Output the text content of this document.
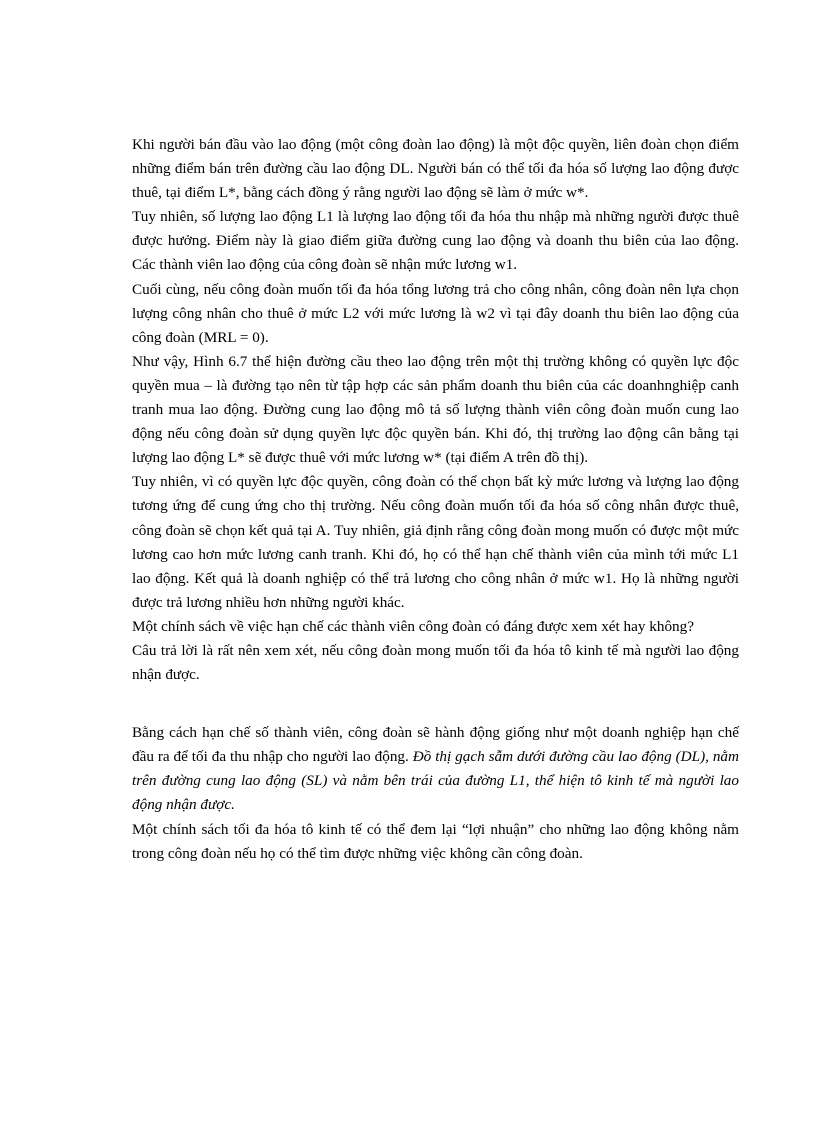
Khi người bán đầu vào lao động (một công đoàn lao động) là một độc quyền, liên đoàn chọn điểm những điểm bán trên đường cầu lao động DL. Người bán có thể tối đa hóa số lượng lao động được thuê, tại điểm L*, bằng cách đồng ý rằng người lao động sẽ làm ở mức w*.

Tuy nhiên, số lượng lao động L1 là lượng lao động tối đa hóa thu nhập mà những người được thuê được hưởng. Điểm này là giao điểm giữa đường cung lao động và doanh thu biên của lao động. Các thành viên lao động của công đoàn sẽ nhận mức lương w1.

Cuối cùng, nếu công đoàn muốn tối đa hóa tổng lương trả cho công nhân, công đoàn nên lựa chọn lượng công nhân cho thuê ở mức L2 với mức lương là w2 vì tại đây doanh thu biên lao động của công đoàn (MRL = 0).

Như vậy, Hình 6.7 thể hiện đường cầu theo lao động trên một thị trường không có quyền lực độc quyền mua – là đường tạo nên từ tập hợp các sản phẩm doanh thu biên của các doanhnghiệp canh tranh mua lao động. Đường cung lao động mô tả số lượng thành viên công đoàn muốn cung lao động nếu công đoàn sử dụng quyền lực độc quyền bán. Khi đó, thị trường lao động cân bằng tại lượng lao động L* sẽ được thuê với mức lương w* (tại điểm A trên đồ thị).

Tuy nhiên, vì có quyền lực độc quyền, công đoàn có thể chọn bất kỳ mức lương và lượng lao động tương ứng để cung ứng cho thị trường. Nếu công đoàn muốn tối đa hóa số công nhân được thuê, công đoàn sẽ chọn kết quả tại A. Tuy nhiên, giả định rằng công đoàn mong muốn có được một mức lương cao hơn mức lương canh tranh. Khi đó, họ có thể hạn chế thành viên của mình tới mức L1 lao động. Kết quả là doanh nghiệp có thể trả lương cho công nhân ở mức w1. Họ là những người được trả lương nhiều hơn những người khác.

Một chính sách về việc hạn chế các thành viên công đoàn có đáng được xem xét hay không?

Câu trả lời là rất nên xem xét, nếu công đoàn mong muốn tối đa hóa tô kinh tế mà người lao động nhận được.

Bằng cách hạn chế số thành viên, công đoàn sẽ hành động giống như một doanh nghiệp hạn chế đầu ra để tối đa thu nhập cho người lao động. Đồ thị gạch sẫm dưới đường cầu lao động (DL), nằm trên đường cung lao động (SL) và nằm bên trái của đường L1, thể hiện tô kinh tế mà người lao động nhận được.

Một chính sách tối đa hóa tô kinh tế có thể đem lại “lợi nhuận” cho những lao động không nằm trong công đoàn nếu họ có thể tìm được những việc không cần công đoàn.
